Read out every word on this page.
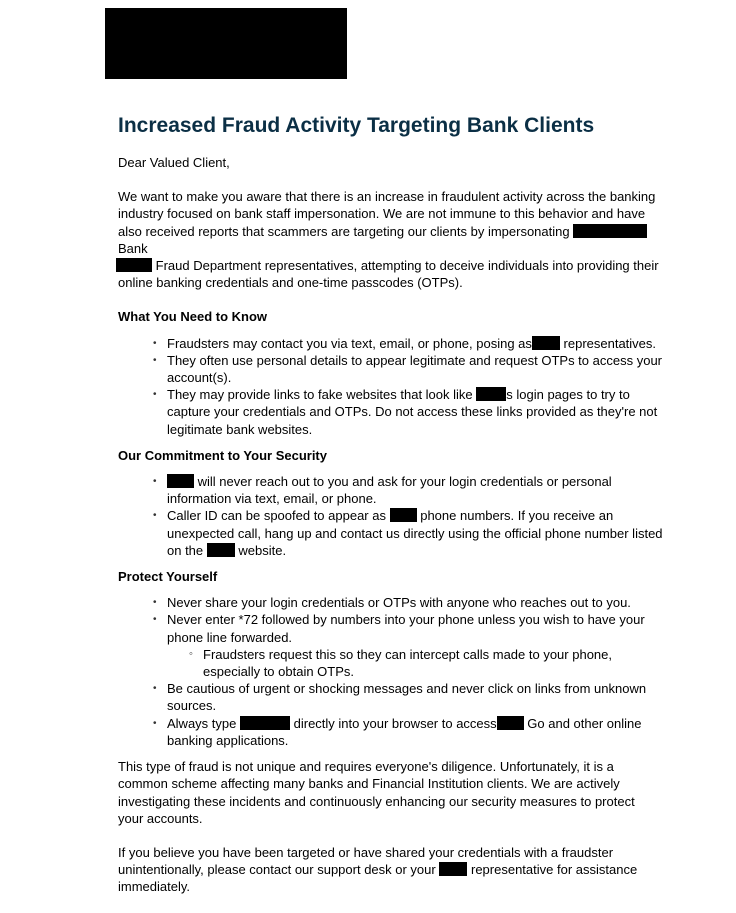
Increased Fraud Activity Targeting Bank Clients
Dear Valued Client,
We want to make you aware that there is an increase in fraudulent activity across the banking industry focused on bank staff impersonation. We are not immune to this behavior and have also received reports that scammers are targeting our clients by impersonating  Bank
Fraud Department representatives, attempting to deceive individuals into providing their online banking credentials and one-time passcodes (OTPs).
What You Need to Know
• Fraudsters may contact you via text, email, or phone, posing as representatives.
• They often use personal details to appear legitimate and request OTPs to access your account(s).
• They may provide links to fake websites that look like	s login pages to try to capture your credentials and OTPs. Do not access these links provided as they're not legitimate bank websites.
Our Commitment to Your Security
• will never reach out to you and ask for your login credentials or personal information via text, email, or phone.
• Caller ID can be spoofed to appear as	phone numbers. If you receive an unexpected call, hang up and contact us directly using the official phone number listed on the	website.
Protect Yourself
• Never share your login credentials or OTPs with anyone who reaches out to you.
• Never enter *72 followed by numbers into your phone unless you wish to have your phone line forwarded.
◦ Fraudsters request this so they can intercept calls made to your phone, especially to obtain OTPs.
• Be cautious of urgent or shocking messages and never click on links from unknown sources.
• Always type	directly into your browser to access Go and other online banking applications.
This type of fraud is not unique and requires everyone's diligence. Unfortunately, it is a common scheme affecting many banks and Financial Institution clients. We are actively investigating these incidents and continuously enhancing our security measures to protect your accounts.
If you believe you have been targeted or have shared your credentials with a fraudster unintentionally, please contact our support desk or your	representative for assistance immediately.
